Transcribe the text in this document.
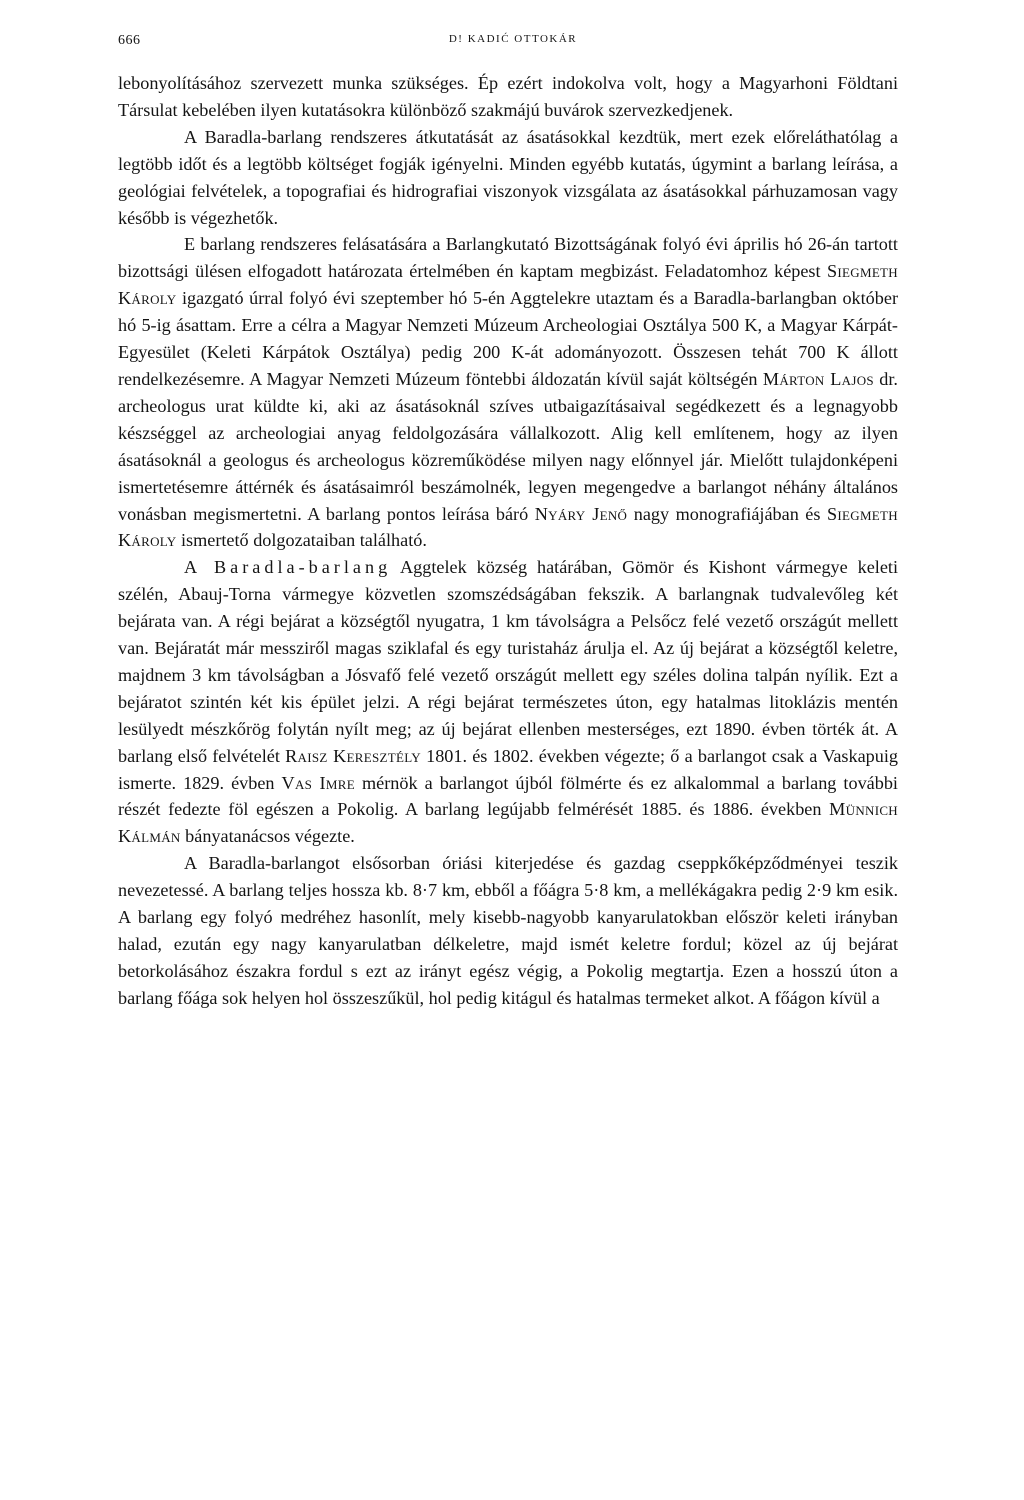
666	D! KADIĆ OTTOKÁR

lebonyolításához szervezett munka szükséges. Ép ezért indokolva volt, hogy a Magyarhoni Földtani Társulat kebelében ilyen kutatásokra különböző szakmájú buvárok szervezkedjenek.

A Baradla-barlang rendszeres átkutatását az ásatásokkal kezdtük, mert ezek előreláthatólag a legtöbb időt és a legtöbb költséget fogják igényelni. Minden egyébb kutatás, úgymint a barlang leírása, a geológiai felvételek, a topografiai és hidrografiai viszonyok vizsgálata az ásatásokkal párhuzamosan vagy később is végezhetők.

E barlang rendszeres felásatására a Barlangkutató Bizottságának folyó évi április hó 26-án tartott bizottsági ülésen elfogadott határozata értelmében én kaptam megbizást. Feladatomhoz képest Siegmeth Károly igazgató úrral folyó évi szeptember hó 5-én Aggtelekre utaztam és a Baradla-barlangban október hó 5-ig ásattam. Erre a célra a Magyar Nemzeti Múzeum Archeologiai Osztálya 500 K, a Magyar Kárpát-Egyesület (Keleti Kárpátok Osztálya) pedig 200 K-át adományozott. Összesen tehát 700 K állott rendelkezésemre. A Magyar Nemzeti Múzeum föntebbi áldozatán kívül saját költségén Márton Lajos dr. archeologus urat küldte ki, aki az ásatásoknál szíves utbaigazításaival segédkezett és a legnagyobb készséggel az archeologiai anyag feldolgozására vállalkozott. Alig kell említenem, hogy az ilyen ásatásoknál a geologus és archeologus közreműködése milyen nagy előnnyel jár. Mielőtt tulajdonképeni ismertetésemre áttérnék és ásatásaimról beszámolnék, legyen megengedve a barlangot néhány általános vonásban megismertetni. A barlang pontos leírása báró Nyáry Jenő nagy monografiájában és Siegmeth Károly ismertető dolgozataiban található.

A Baradla-barlang Aggtelek község határában, Gömör és Kishont vármegye keleti szélén, Abauj-Torna vármegye közvetlen szomszédságában fekszik. A barlangnak tudvalevőleg két bejárata van. A régi bejárat a községtől nyugatra, 1 km távolságra a Pelsőcz felé vezető országút mellett van. Bejáratát már messziről magas sziklafal és egy turistaház árulja el. Az új bejárat a községtől keletre, majdnem 3 km távolságban a Jósvafő felé vezető országút mellett egy széles dolina talpán nyílik. Ezt a bejáratot szintén két kis épület jelzi. A régi bejárat természetes úton, egy hatalmas litoklázis mentén lesülyedt mészkőrög folytán nyílt meg; az új bejárat ellenben mesterséges, ezt 1890. évben törték át. A barlang első felvételét Raisz Keresztély 1801. és 1802. években végezte; ő a barlangot csak a Vaskapuig ismerte. 1829. évben Vas Imre mérnök a barlangot újból fölmérte és ez alkalommal a barlang további részét fedezte föl egészen a Pokolig. A barlang legújabb felmérését 1885. és 1886. években Münnich Kálmán bányatanácsos végezte.

A Baradla-barlangot elsősorban óriási kiterjedése és gazdag cseppkőképződményei teszik nevezetessé. A barlang teljes hossza kb. 8·7 km, ebből a főágra 5·8 km, a mellékágakra pedig 2·9 km esik. A barlang egy folyó medréhez hasonlít, mely kisebb-nagyobb kanyarulatokban először keleti irányban halad, ezután egy nagy kanyarulatban délkeletre, majd ismét keletre fordul; közel az új bejárat betorkolásához északra fordul s ezt az irányt egész végig, a Pokolig megtartja. Ezen a hosszú úton a barlang főága sok helyen hol összeszűkül, hol pedig kitágul és hatalmas termeket alkot. A főágon kívül a
